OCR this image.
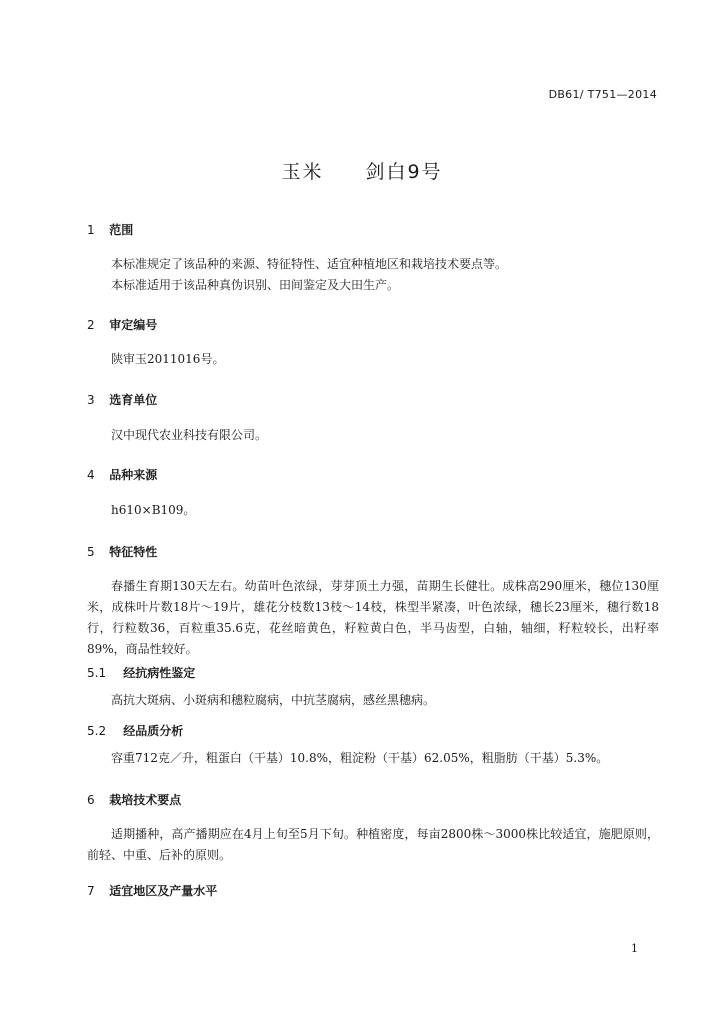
DB61/ T751—2014
玉米　　剑白9号
1 范围
本标准规定了该品种的来源、特征特性、适宜种植地区和栽培技术要点等。
本标准适用于该品种真伪识别、田间鉴定及大田生产。
2 审定编号
陕审玉2011016号。
3 选育单位
汉中现代农业科技有限公司。
4 品种来源
h610×B109。
5 特征特性
春播生育期130天左右。幼苗叶色浓绿，芽芽顶土力强，苗期生长健壮。成株高290厘米，穗位130厘米，成株叶片数18片～19片，雄花分枝数13枝～14枝，株型半紧凑，叶色浓绿，穗长23厘米，穗行数18行，行粒数36，百粒重35.6克，花丝暗黄色，籽粒黄白色，半马齿型，白轴，轴细，籽粒较长，出籽率89%，商品性较好。
5.1 经抗病性鉴定
高抗大斑病、小斑病和穗粒腐病，中抗茎腐病，感丝黑穗病。
5.2 经品质分析
容重712克／升，粗蛋白（干基）10.8%，粗淀粉（干基）62.05%，粗脂肪（干基）5.3%。
6 栽培技术要点
适期播种，高产播期应在4月上旬至5月下旬。种植密度，每亩2800株～3000株比较适宜，施肥原则，前轻、中重、后补的原则。
7 适宜地区及产量水平
1
